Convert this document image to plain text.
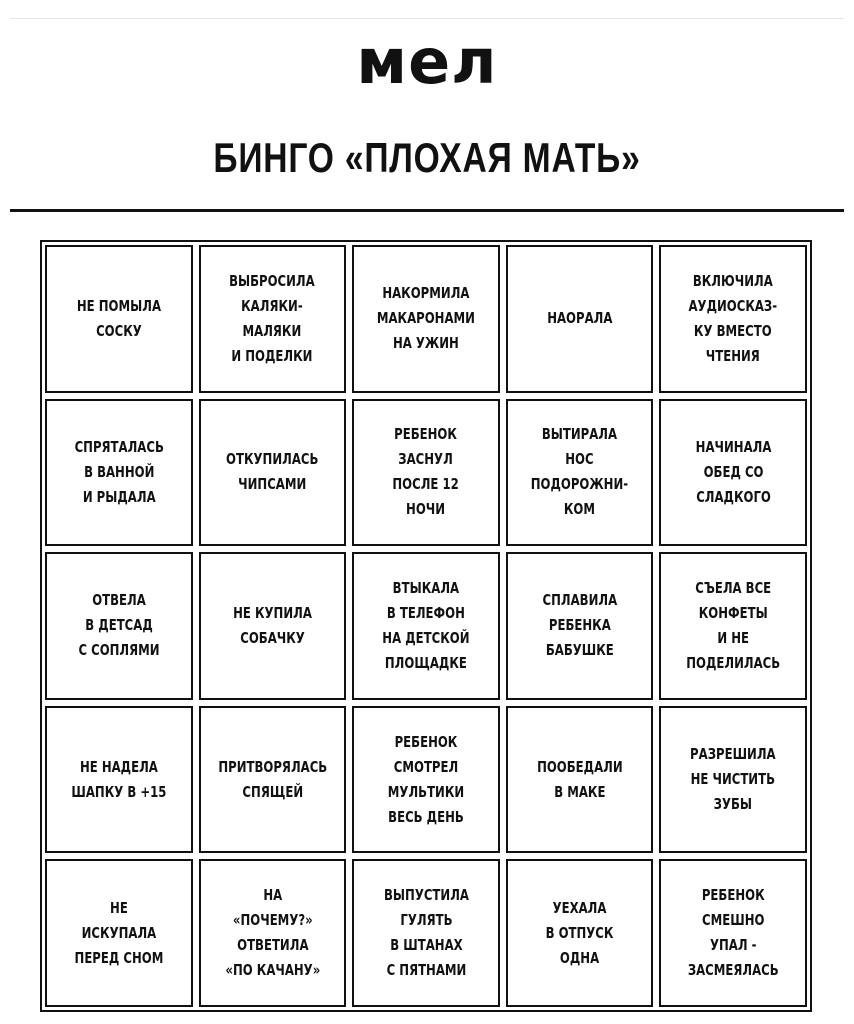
мел
БИНГО «ПЛОХАЯ МАТЬ»
НЕ ПОМЫЛА
СОСКУ
ВЫБРОСИЛА
КАЛЯКИ-
МАЛЯКИ
И ПОДЕЛКИ
НАКОРМИЛА
МАКАРОНАМИ
НА УЖИН
НАОРАЛА
ВКЛЮЧИЛА
АУДИОСКАЗ-
КУ ВМЕСТО
ЧТЕНИЯ
СПРЯТАЛАСЬ
В ВАННОЙ
И РЫДАЛА
ОТКУПИЛАСЬ
ЧИПСАМИ
РЕБЕНОК
ЗАСНУЛ
ПОСЛЕ 12
НОЧИ
ВЫТИРАЛА
НОС
ПОДОРОЖНИ-
КОМ
НАЧИНАЛА
ОБЕД СО
СЛАДКОГО
ОТВЕЛА
В ДЕТСАД
С СОПЛЯМИ
НЕ КУПИЛА
СОБАЧКУ
ВТЫКАЛА
В ТЕЛЕФОН
НА ДЕТСКОЙ
ПЛОЩАДКЕ
СПЛАВИЛА
РЕБЕНКА
БАБУШКЕ
СЪЕЛА ВСЕ
КОНФЕТЫ
И НЕ
ПОДЕЛИЛАСЬ
НЕ НАДЕЛА
ШАПКУ В +15
ПРИТВОРЯЛАСЬ
СПЯЩЕЙ
РЕБЕНОК
СМОТРЕЛ
МУЛЬТИКИ
ВЕСЬ ДЕНЬ
ПООБЕДАЛИ
В МАКЕ
РАЗРЕШИЛА
НЕ ЧИСТИТЬ
ЗУБЫ
НЕ
ИСКУПАЛА
ПЕРЕД СНОМ
НА
«ПОЧЕМУ?»
ОТВЕТИЛА
«ПО КАЧАНУ»
ВЫПУСТИЛА
ГУЛЯТЬ
В ШТАНАХ
С ПЯТНАМИ
УЕХАЛА
В ОТПУСК
ОДНА
РЕБЕНОК
СМЕШНО
УПАЛ -
ЗАСМЕЯЛАСЬ
